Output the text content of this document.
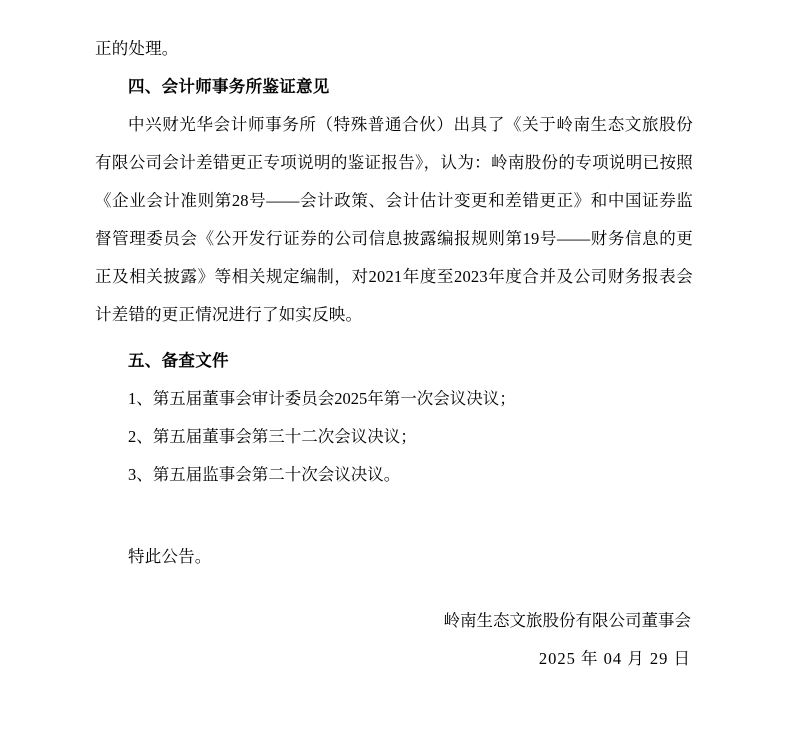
正的处理。

四、会计师事务所鉴证意见

中兴财光华会计师事务所（特殊普通合伙）出具了《关于岭南生态文旅股份有限公司会计差错更正专项说明的鉴证报告》，认为：岭南股份的专项说明已按照《企业会计准则第28号——会计政策、会计估计变更和差错更正》和中国证券监督管理委员会《公开发行证券的公司信息披露编报规则第19号——财务信息的更正及相关披露》等相关规定编制，对2021年度至2023年度合并及公司财务报表会计差错的更正情况进行了如实反映。

五、备查文件

1、第五届董事会审计委员会2025年第一次会议决议；

2、第五届董事会第三十二次会议决议；

3、第五届监事会第二十次会议决议。

特此公告。

岭南生态文旅股份有限公司董事会

2025 年 04 月 29 日
